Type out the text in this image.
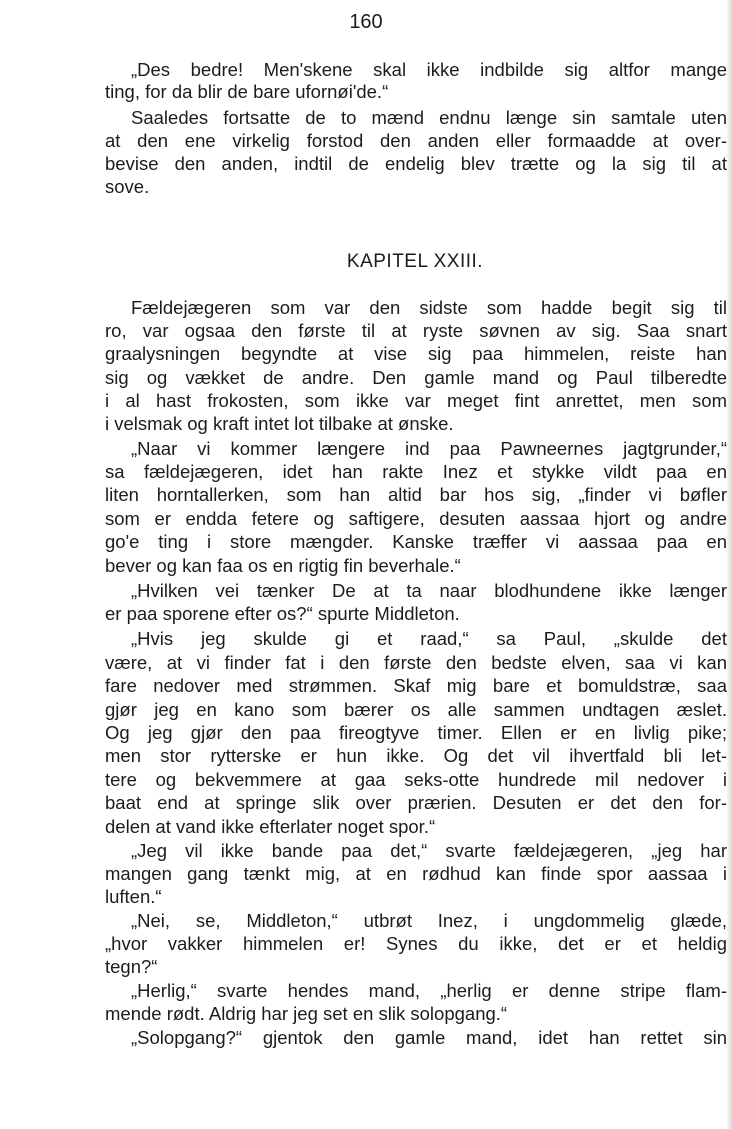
160
„Des bedre! Men'skene skal ikke indbilde sig altfor mange
ting, for da blir de bare ufornøi'de.“
Saaledes fortsatte de to mænd endnu længe sin samtale uten
at den ene virkelig forstod den anden eller formaadde at over-
bevise den anden, indtil de endelig blev trætte og la sig til at
sove.
KAPITEL XXIII.
Fældejægeren som var den sidste som hadde begit sig til
ro, var ogsaa den første til at ryste søvnen av sig. Saa snart
graalysningen begyndte at vise sig paa himmelen, reiste han
sig og vækket de andre. Den gamle mand og Paul tilberedte
i al hast frokosten, som ikke var meget fint anrettet, men som
i velsmak og kraft intet lot tilbake at ønske.
„Naar vi kommer længere ind paa Pawneernes jagtgrunder,“
sa fældejægeren, idet han rakte Inez et stykke vildt paa en
liten horntallerken, som han altid bar hos sig, „finder vi bøfler
som er endda fetere og saftigere, desuten aassaa hjort og andre
go'e ting i store mængder. Kanske træffer vi aassaa paa en
bever og kan faa os en rigtig fin beverhale.“
„Hvilken vei tænker De at ta naar blodhundene ikke længer
er paa sporene efter os?“ spurte Middleton.
„Hvis jeg skulde gi et raad,“ sa Paul, „skulde det
være, at vi finder fat i den første den bedste elven, saa vi kan
fare nedover med strømmen. Skaf mig bare et bomuldstræ, saa
gjør jeg en kano som bærer os alle sammen undtagen æslet.
Og jeg gjør den paa fireogtyve timer. Ellen er en livlig pike;
men stor rytterske er hun ikke. Og det vil ihvertfald bli let-
tere og bekvemmere at gaa seks-otte hundrede mil nedover i
baat end at springe slik over prærien. Desuten er det den for-
delen at vand ikke efterlater noget spor.“
„Jeg vil ikke bande paa det,“ svarte fældejægeren, „jeg har
mangen gang tænkt mig, at en rødhud kan finde spor aassaa i
luften.“
„Nei, se, Middleton,“ utbrøt Inez, i ungdommelig glæde,
„hvor vakker himmelen er! Synes du ikke, det er et heldig
tegn?“
„Herlig,“ svarte hendes mand, „herlig er denne stripe flam-
mende rødt. Aldrig har jeg set en slik solopgang.“
„Solopgang?“ gjentok den gamle mand, idet han rettet sin
